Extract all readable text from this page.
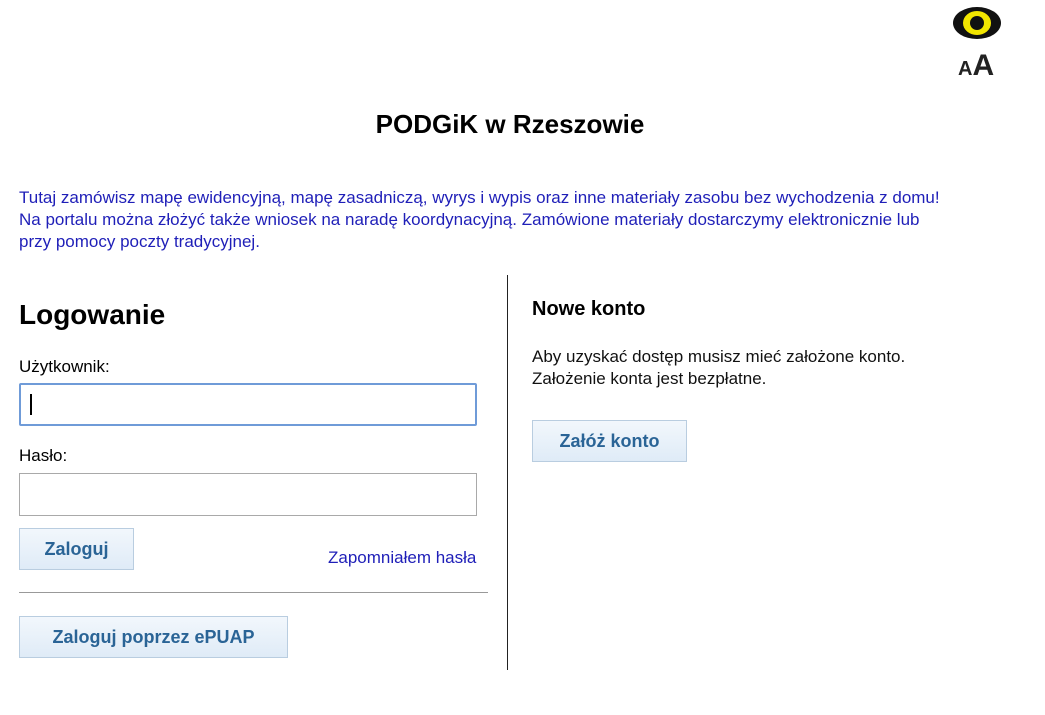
AA
PODGiK w Rzeszowie

Tutaj zamówisz mapę ewidencyjną, mapę zasadniczą, wyrys i wypis oraz inne materiały zasobu bez wychodzenia z domu!

Na portalu można złożyć także wniosek na naradę koordynacyjną. Zamówione materiały dostarczymy elektronicznie lub

przy pomocy poczty tradycyjnej.

Logowanie
Użytkownik:
Hasło:
Zaloguj	Zapomniałem hasła
Zaloguj poprzez ePUAP
Nowe konto

Aby uzyskać dostęp musisz mieć założone konto.

Założenie konta jest bezpłatne.

Załóż konto
